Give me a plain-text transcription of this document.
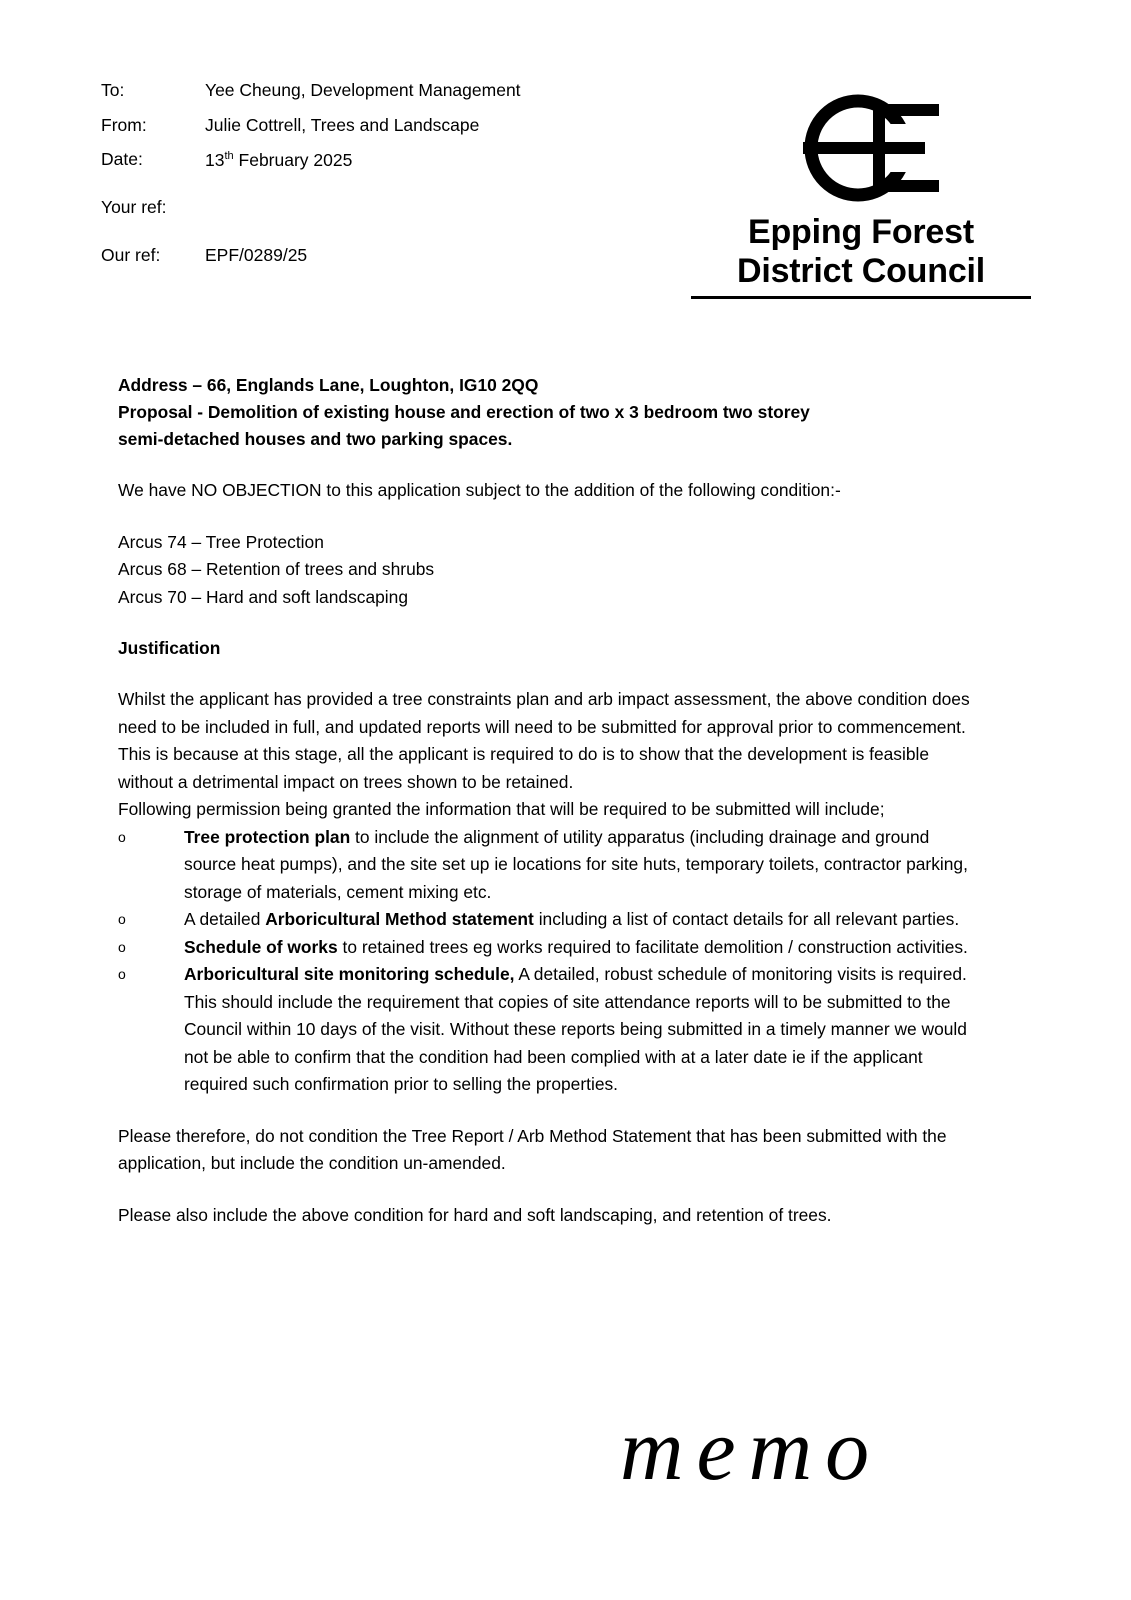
To:	Yee Cheung, Development Management
From:	Julie Cottrell, Trees and Landscape
Date:	13th February 2025
Your ref:
Our ref:	EPF/0289/25
Epping Forest
District Council

Address – 66, Englands Lane, Loughton, IG10 2QQ

Proposal - Demolition of existing house and erection of two x 3 bedroom two storey

semi-detached houses and two parking spaces.

We have NO OBJECTION to this application subject to the addition of the following condition:-

Arcus 74 – Tree Protection

Arcus 68 – Retention of trees and shrubs

Arcus 70 – Hard and soft landscaping

Justification

Whilst the applicant has provided a tree constraints plan and arb impact assessment, the above condition does need to be included in full, and updated reports will need to be submitted for approval prior to commencement. This is because at this stage, all the applicant is required to do is to show that the development is feasible without a detrimental impact on trees shown to be retained.

Following permission being granted the information that will be required to be submitted will include;

o	Tree protection plan to include the alignment of utility apparatus (including drainage and ground source heat pumps), and the site set up ie locations for site huts, temporary toilets, contractor parking, storage of materials, cement mixing etc.
o	A detailed Arboricultural Method statement including a list of contact details for all relevant parties.
o	Schedule of works to retained trees eg works required to facilitate demolition / construction activities.
o	Arboricultural site monitoring schedule, A detailed, robust schedule of monitoring visits is required. This should include the requirement that copies of site attendance reports will to be submitted to the Council within 10 days of the visit. Without these reports being submitted in a timely manner we would not be able to confirm that the condition had been complied with at a later date ie if the applicant required such confirmation prior to selling the properties.

Please therefore, do not condition the Tree Report / Arb Method Statement that has been submitted with the application, but include the condition un-amended.

Please also include the above condition for hard and soft landscaping, and retention of trees.

memo
